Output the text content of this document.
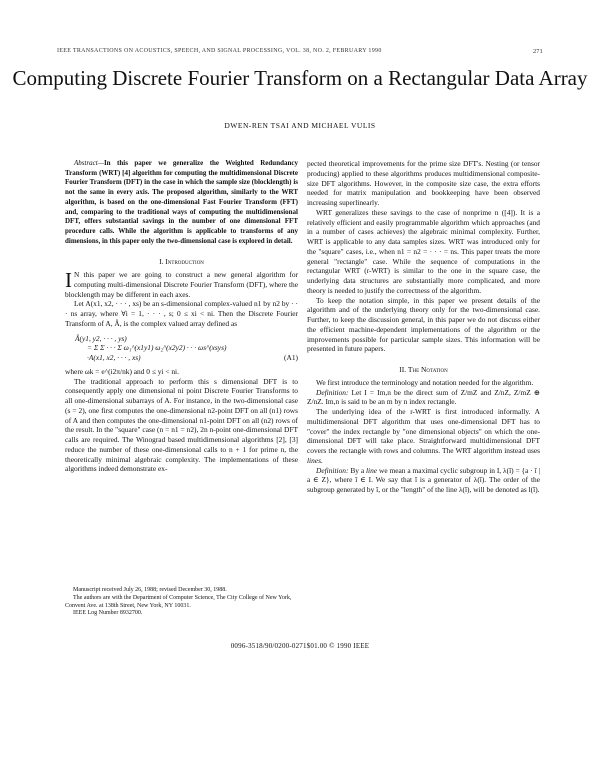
IEEE TRANSACTIONS ON ACOUSTICS, SPEECH, AND SIGNAL PROCESSING, VOL. 38, NO. 2, FEBRUARY 1990	271
Computing Discrete Fourier Transform on a Rectangular Data Array
DWEN-REN TSAI AND MICHAEL VULIS

Abstract—In this paper we generalize the Weighted Redundancy Transform (WRT) [4] algorithm for computing the multidimensional Discrete Fourier Transform (DFT) in the case in which the sample size (blocklength) is not the same in every axis. The proposed algorithm, similarly to the WRT algorithm, is based on the one-dimensional Fast Fourier Transform (FFT) and, comparing to the traditional ways of computing the multidimensional DFT, offers substantial savings in the number of one dimensional FFT procedure calls. While the algorithm is applicable to transforms of any dimensions, in this paper only the two-dimensional case is explored in detail.

I. Introduction

I N this paper we are going to construct a new general algorithm for computing multi-dimensional Discrete Fourier Transform (DFT), where the blocklength may be different in each axes.

Let A(x1, x2, · · · , xs) be an s-dimensional complex-valued n1 by n2 by · · · ns array, where ∀i = 1, · · · , s; 0 ≤ xi < ni. Then the Discrete Fourier Transform of A, Â, is the complex valued array defined as

Â(y1, y2, · · · , ys)
= Σ Σ · · · Σ ω₁^(x1y1) ω₂^(x2y2) · · · ωs^(xsys)
·A(x1, x2, · · · , xs)	(A1)

where ωk = e^(i2π/nk) and 0 ≤ yi < ni.

The traditional approach to perform this s dimensional DFT is to consequently apply one dimensional ni point Discrete Fourier Transforms to all one-dimensional subarrays of A. For instance, in the two-dimensional case (s = 2), one first computes the one-dimensional n2-point DFT on all (n1) rows of A and then computes the one-dimensional n1-point DFT on all (n2) rows of the result. In the "square" case (n = n1 = n2), 2n n-point one-dimensional DFT calls are required. The Winograd based multidimensional algorithms [2], [3] reduce the number of these one-dimensional calls to n + 1 for prime n, the theoretically minimal algebraic complexity. The implementations of these algorithms indeed demonstrate ex-

pected theoretical improvements for the prime size DFT's. Nesting (or tensor producing) applied to these algorithms produces multidimensional composite-size DFT algorithms. However, in the composite size case, the extra efforts needed for matrix manipulation and bookkeeping have been observed increasing superlinearly.

WRT generalizes these savings to the case of nonprime n ([4]). It is a relatively efficient and easily programmable algorithm which approaches (and in a number of cases achieves) the algebraic minimal complexity. Further, WRT is applicable to any data samples sizes. WRT was introduced only for the "square" cases, i.e., when n1 = n2 = · · · = ns. This paper treats the more general "rectangle" case. While the sequence of computations in the rectangular WRT (r-WRT) is similar to the one in the square case, the underlying data structures are substantially more complicated, and more theory is needed to justify the correctness of the algorithm.

To keep the notation simple, in this paper we present details of the algorithm and of the underlying theory only for the two-dimensional case. Further, to keep the discussion general, in this paper we do not discuss either the efficient machine-dependent implementations of the algorithm or the improvements possible for particular sample sizes. This information will be presented in future papers.

II. The Notation

We first introduce the terminology and notation needed for the algorithm.

Definition: Let I = Im,n be the direct sum of Z/mZ and Z/nZ, Z/mZ ⊕ Z/nZ. Im,n is said to be an m by n index rectangle.

The underlying idea of the r-WRT is first introduced informally. A multidimensional DFT algorithm that uses one-dimensional DFT has to "cover" the index rectangle by "one dimensional objects" on which the one-dimensional DFT will take place. Straightforward multidimensional DFT covers the rectangle with rows and columns. The WRT algorithm instead uses lines.

Definition: By a line we mean a maximal cyclic subgroup in I, λ(ī) = {a · ī | a ∈ Z}, where ī ∈ I. We say that ī is a generator of λ(ī). The order of the subgroup generated by ī, or the "length" of the line λ(ī), will be denoted as l(ī).

Manuscript received July 26, 1988; revised December 30, 1988.

The authors are with the Department of Computer Science, The City College of New York, Convent Ave. at 138th Street, New York, NY 10031.

IEEE Log Number 8932700.

0096-3518/90/0200-0271$01.00 © 1990 IEEE
